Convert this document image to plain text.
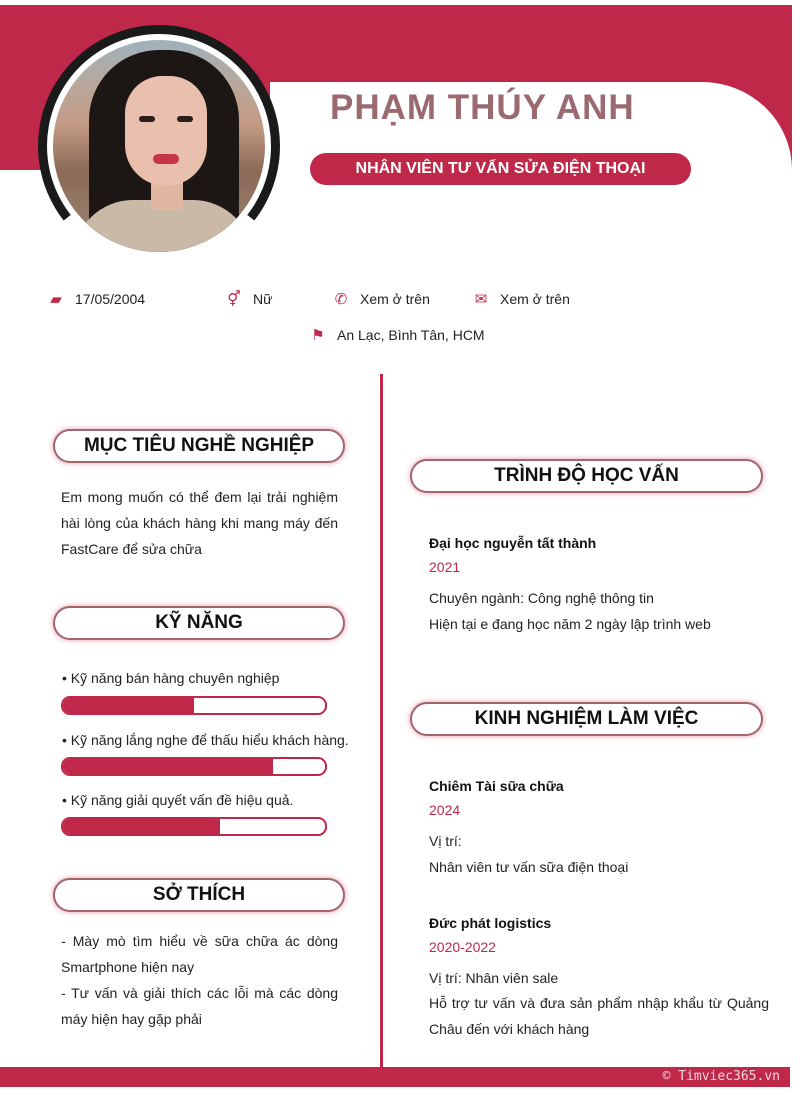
PHẠM THÚY ANH
NHÂN VIÊN TƯ VẤN SỬA ĐIỆN THOẠI
▰ 17/05/2004	⚥ Nữ	✆ Xem ở trên	✉ Xem ở trên
⚑ An Lạc, Bình Tân, HCM
MỤC TIÊU NGHỀ NGHIỆP
Em mong muốn có thể đem lại trải nghiệm hài lòng của khách hàng khi mang máy đến FastCare để sửa chữa
KỸ NĂNG
• Kỹ năng bán hàng chuyên nghiệp
• Kỹ năng lắng nghe để thấu hiểu khách hàng.
• Kỹ năng giải quyết vấn đề hiệu quả.
SỞ THÍCH
- Mày mò tìm hiểu về sữa chữa ác dòng Smartphone hiện nay
- Tư vấn và giải thích các lỗi mà các dòng máy hiện hay gặp phải
TRÌNH ĐỘ HỌC VẤN
Đại học nguyễn tất thành
2021
Chuyên ngành: Công nghệ thông tin
Hiện tại e đang học năm 2 ngày lập trình web
KINH NGHIỆM LÀM VIỆC
Chiêm Tài sữa chữa
2024
Vị trí:
Nhân viên tư vấn sữa điện thoại
Đức phát logistics
2020-2022
Vị trí: Nhân viên sale
Hỗ trợ tư vấn và đưa sản phẩm nhập khẩu từ Quảng Châu đến với khách hàng
© Timviec365.vn
